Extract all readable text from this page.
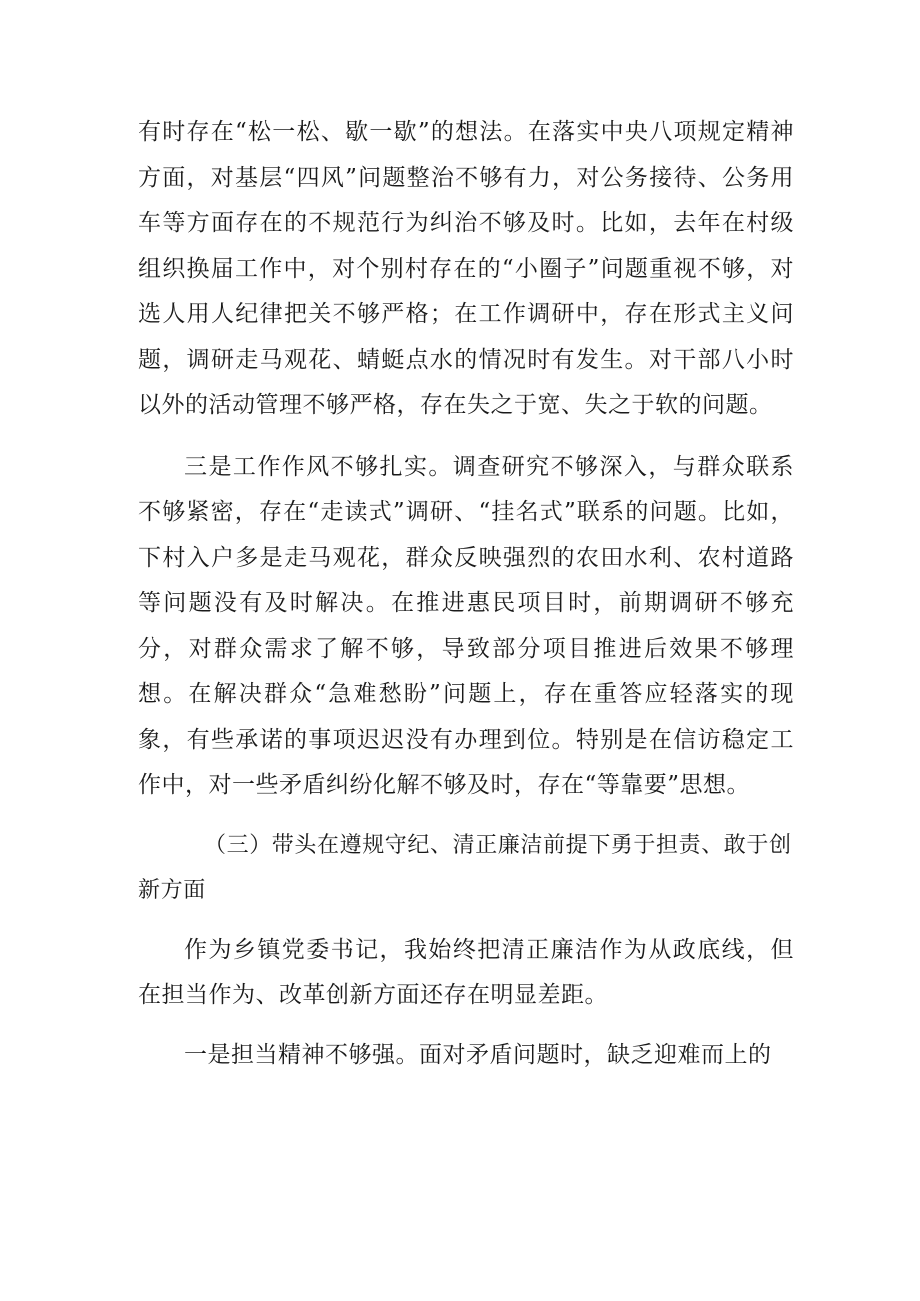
有时存在“松一松、歇一歇”的想法。在落实中央八项规定精神方面，对基层“四风”问题整治不够有力，对公务接待、公务用车等方面存在的不规范行为纠治不够及时。比如，去年在村级组织换届工作中，对个别村存在的“小圈子”问题重视不够，对选人用人纪律把关不够严格；在工作调研中，存在形式主义问题，调研走马观花、蜻蜓点水的情况时有发生。对干部八小时以外的活动管理不够严格，存在失之于宽、失之于软的问题。

三是工作作风不够扎实。调查研究不够深入，与群众联系不够紧密，存在“走读式”调研、“挂名式”联系的问题。比如，下村入户多是走马观花，群众反映强烈的农田水利、农村道路等问题没有及时解决。在推进惠民项目时，前期调研不够充分，对群众需求了解不够，导致部分项目推进后效果不够理想。在解决群众“急难愁盼”问题上，存在重答应轻落实的现象，有些承诺的事项迟迟没有办理到位。特别是在信访稳定工作中，对一些矛盾纠纷化解不够及时，存在“等靠要”思想。

（三）带头在遵规守纪、清正廉洁前提下勇于担责、敢于创新方面

作为乡镇党委书记，我始终把清正廉洁作为从政底线，但在担当作为、改革创新方面还存在明显差距。

一是担当精神不够强。面对矛盾问题时，缺乏迎难而上的
